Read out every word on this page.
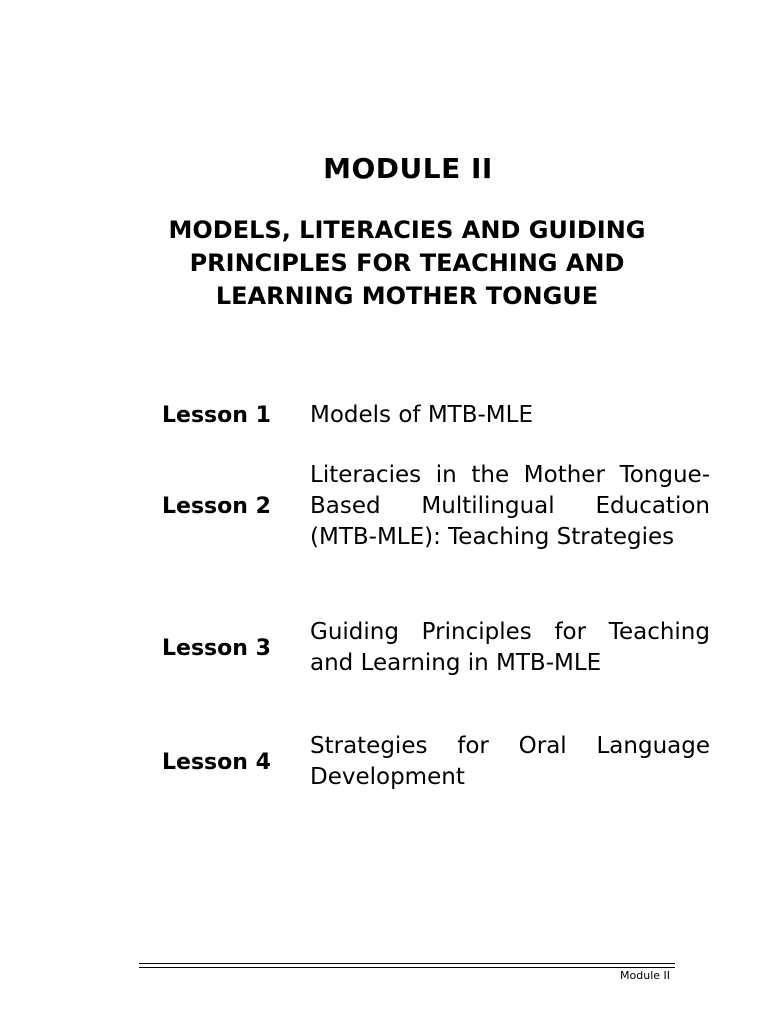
MODULE II
MODELS, LITERACIES AND GUIDING PRINCIPLES FOR TEACHING AND LEARNING MOTHER TONGUE
Lesson 1	Models of MTB-MLE
Lesson 2
Literacies in the Mother Tongue- Based Multilingual Education (MTB-MLE): Teaching Strategies
Lesson 3
Guiding Principles for Teaching and Learning in MTB-MLE
Lesson 4
Strategies for Oral Language Development
Module II
